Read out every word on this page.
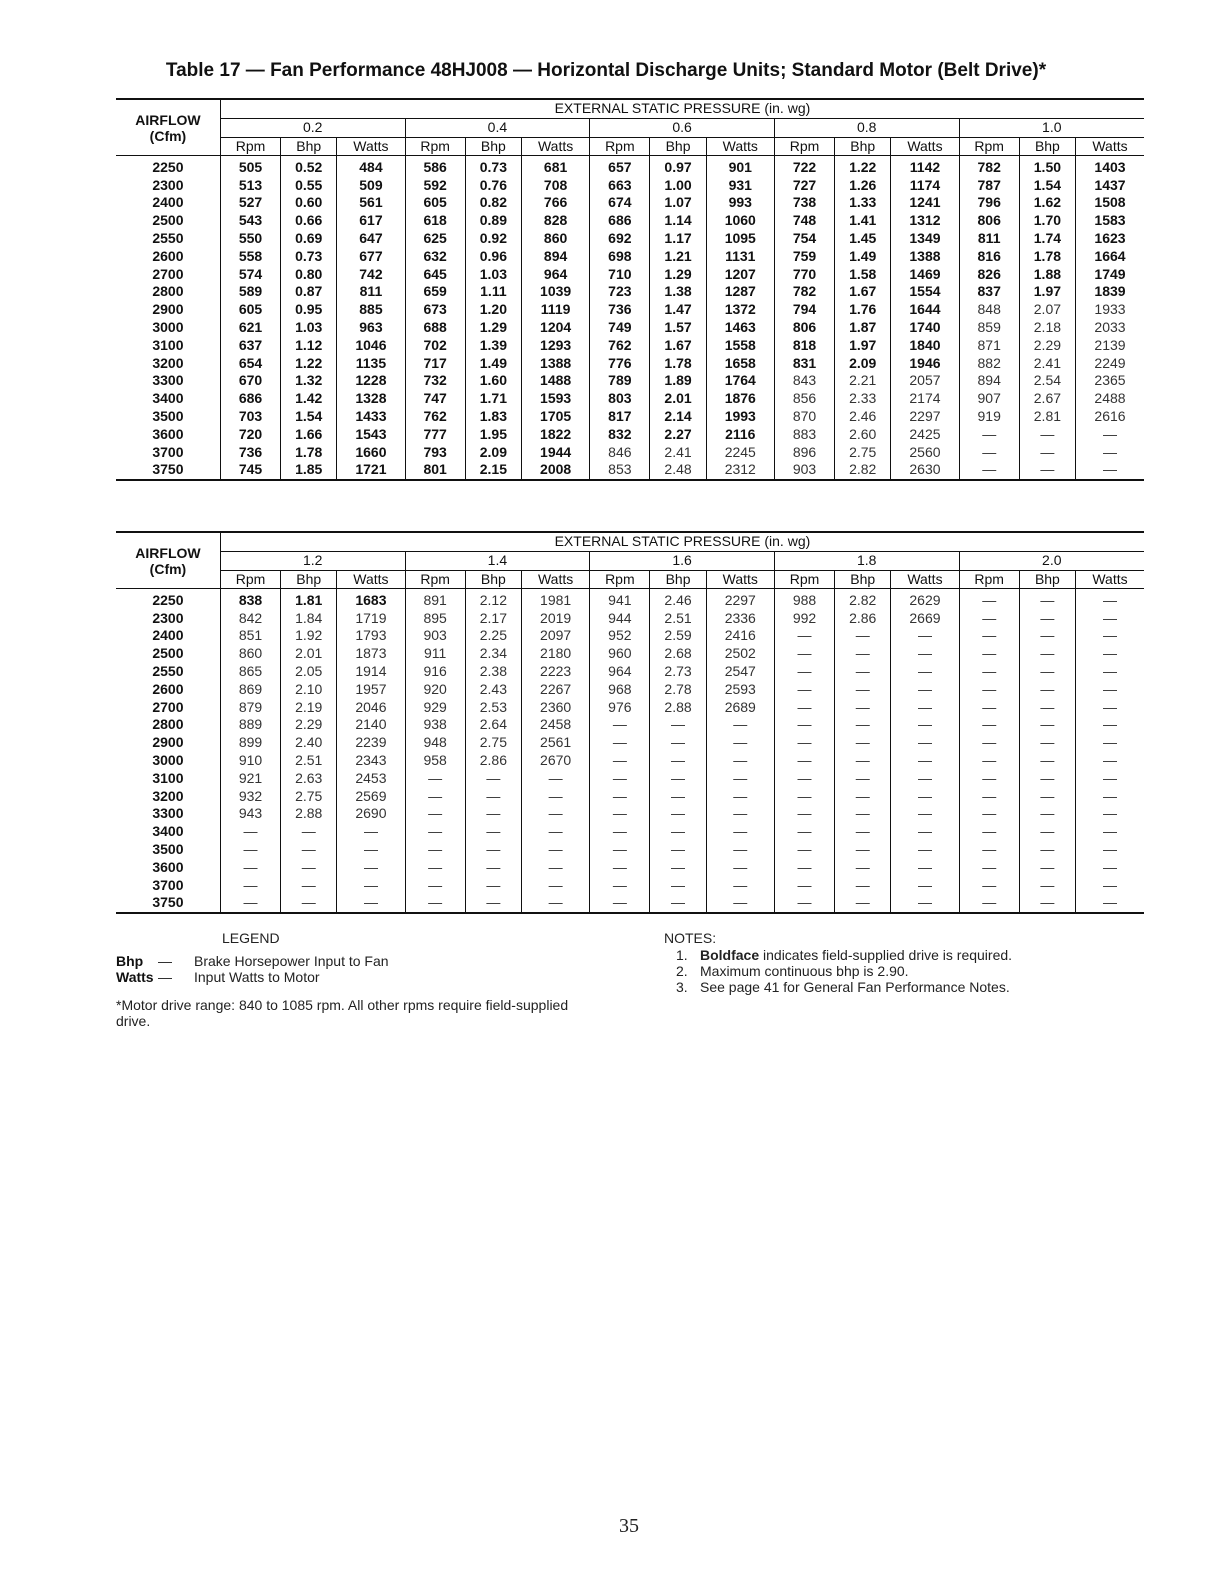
Table 17 — Fan Performance 48HJ008 — Horizontal Discharge Units; Standard Motor (Belt Drive)*
AIRFLOW
(Cfm)	EXTERNAL STATIC PRESSURE (in. wg)														
	0.2			0.4			0.6			0.8			1.0		
	Rpm	Bhp	Watts	Rpm	Bhp	Watts	Rpm	Bhp	Watts	Rpm	Bhp	Watts	Rpm	Bhp	Watts
2250	505	0.52	484	586	0.73	681	657	0.97	901	722	1.22	1142	782	1.50	1403
2300	513	0.55	509	592	0.76	708	663	1.00	931	727	1.26	1174	787	1.54	1437
2400	527	0.60	561	605	0.82	766	674	1.07	993	738	1.33	1241	796	1.62	1508
2500	543	0.66	617	618	0.89	828	686	1.14	1060	748	1.41	1312	806	1.70	1583
2550	550	0.69	647	625	0.92	860	692	1.17	1095	754	1.45	1349	811	1.74	1623
2600	558	0.73	677	632	0.96	894	698	1.21	1131	759	1.49	1388	816	1.78	1664
2700	574	0.80	742	645	1.03	964	710	1.29	1207	770	1.58	1469	826	1.88	1749
2800	589	0.87	811	659	1.11	1039	723	1.38	1287	782	1.67	1554	837	1.97	1839
2900	605	0.95	885	673	1.20	1119	736	1.47	1372	794	1.76	1644	848	2.07	1933
3000	621	1.03	963	688	1.29	1204	749	1.57	1463	806	1.87	1740	859	2.18	2033
3100	637	1.12	1046	702	1.39	1293	762	1.67	1558	818	1.97	1840	871	2.29	2139
3200	654	1.22	1135	717	1.49	1388	776	1.78	1658	831	2.09	1946	882	2.41	2249
3300	670	1.32	1228	732	1.60	1488	789	1.89	1764	843	2.21	2057	894	2.54	2365
3400	686	1.42	1328	747	1.71	1593	803	2.01	1876	856	2.33	2174	907	2.67	2488
3500	703	1.54	1433	762	1.83	1705	817	2.14	1993	870	2.46	2297	919	2.81	2616
3600	720	1.66	1543	777	1.95	1822	832	2.27	2116	883	2.60	2425	—	—	—
3700	736	1.78	1660	793	2.09	1944	846	2.41	2245	896	2.75	2560	—	—	—
3750	745	1.85	1721	801	2.15	2008	853	2.48	2312	903	2.82	2630	—	—	—
AIRFLOW
(Cfm)	EXTERNAL STATIC PRESSURE (in. wg)														
	1.2			1.4			1.6			1.8			2.0		
	Rpm	Bhp	Watts	Rpm	Bhp	Watts	Rpm	Bhp	Watts	Rpm	Bhp	Watts	Rpm	Bhp	Watts
2250	838	1.81	1683	891	2.12	1981	941	2.46	2297	988	2.82	2629	—	—	—
2300	842	1.84	1719	895	2.17	2019	944	2.51	2336	992	2.86	2669	—	—	—
2400	851	1.92	1793	903	2.25	2097	952	2.59	2416	—	—	—	—	—	—
2500	860	2.01	1873	911	2.34	2180	960	2.68	2502	—	—	—	—	—	—
2550	865	2.05	1914	916	2.38	2223	964	2.73	2547	—	—	—	—	—	—
2600	869	2.10	1957	920	2.43	2267	968	2.78	2593	—	—	—	—	—	—
2700	879	2.19	2046	929	2.53	2360	976	2.88	2689	—	—	—	—	—	—
2800	889	2.29	2140	938	2.64	2458	—	—	—	—	—	—	—	—	—
2900	899	2.40	2239	948	2.75	2561	—	—	—	—	—	—	—	—	—
3000	910	2.51	2343	958	2.86	2670	—	—	—	—	—	—	—	—	—
3100	921	2.63	2453	—	—	—	—	—	—	—	—	—	—	—	—
3200	932	2.75	2569	—	—	—	—	—	—	—	—	—	—	—	—
3300	943	2.88	2690	—	—	—	—	—	—	—	—	—	—	—	—
3400	—	—	—	—	—	—	—	—	—	—	—	—	—	—	—
3500	—	—	—	—	—	—	—	—	—	—	—	—	—	—	—
3600	—	—	—	—	—	—	—	—	—	—	—	—	—	—	—
3700	—	—	—	—	—	—	—	—	—	—	—	—	—	—	—
3750	—	—	—	—	—	—	—	—	—	—	—	—	—	—	—
LEGEND
Bhp — Brake Horsepower Input to Fan
Watts — Input Watts to Motor
*Motor drive range: 840 to 1085 rpm. All other rpms require field-supplied drive.
NOTES:
1. Boldface indicates field-supplied drive is required.
2. Maximum continuous bhp is 2.90.
3. See page 41 for General Fan Performance Notes.
35
